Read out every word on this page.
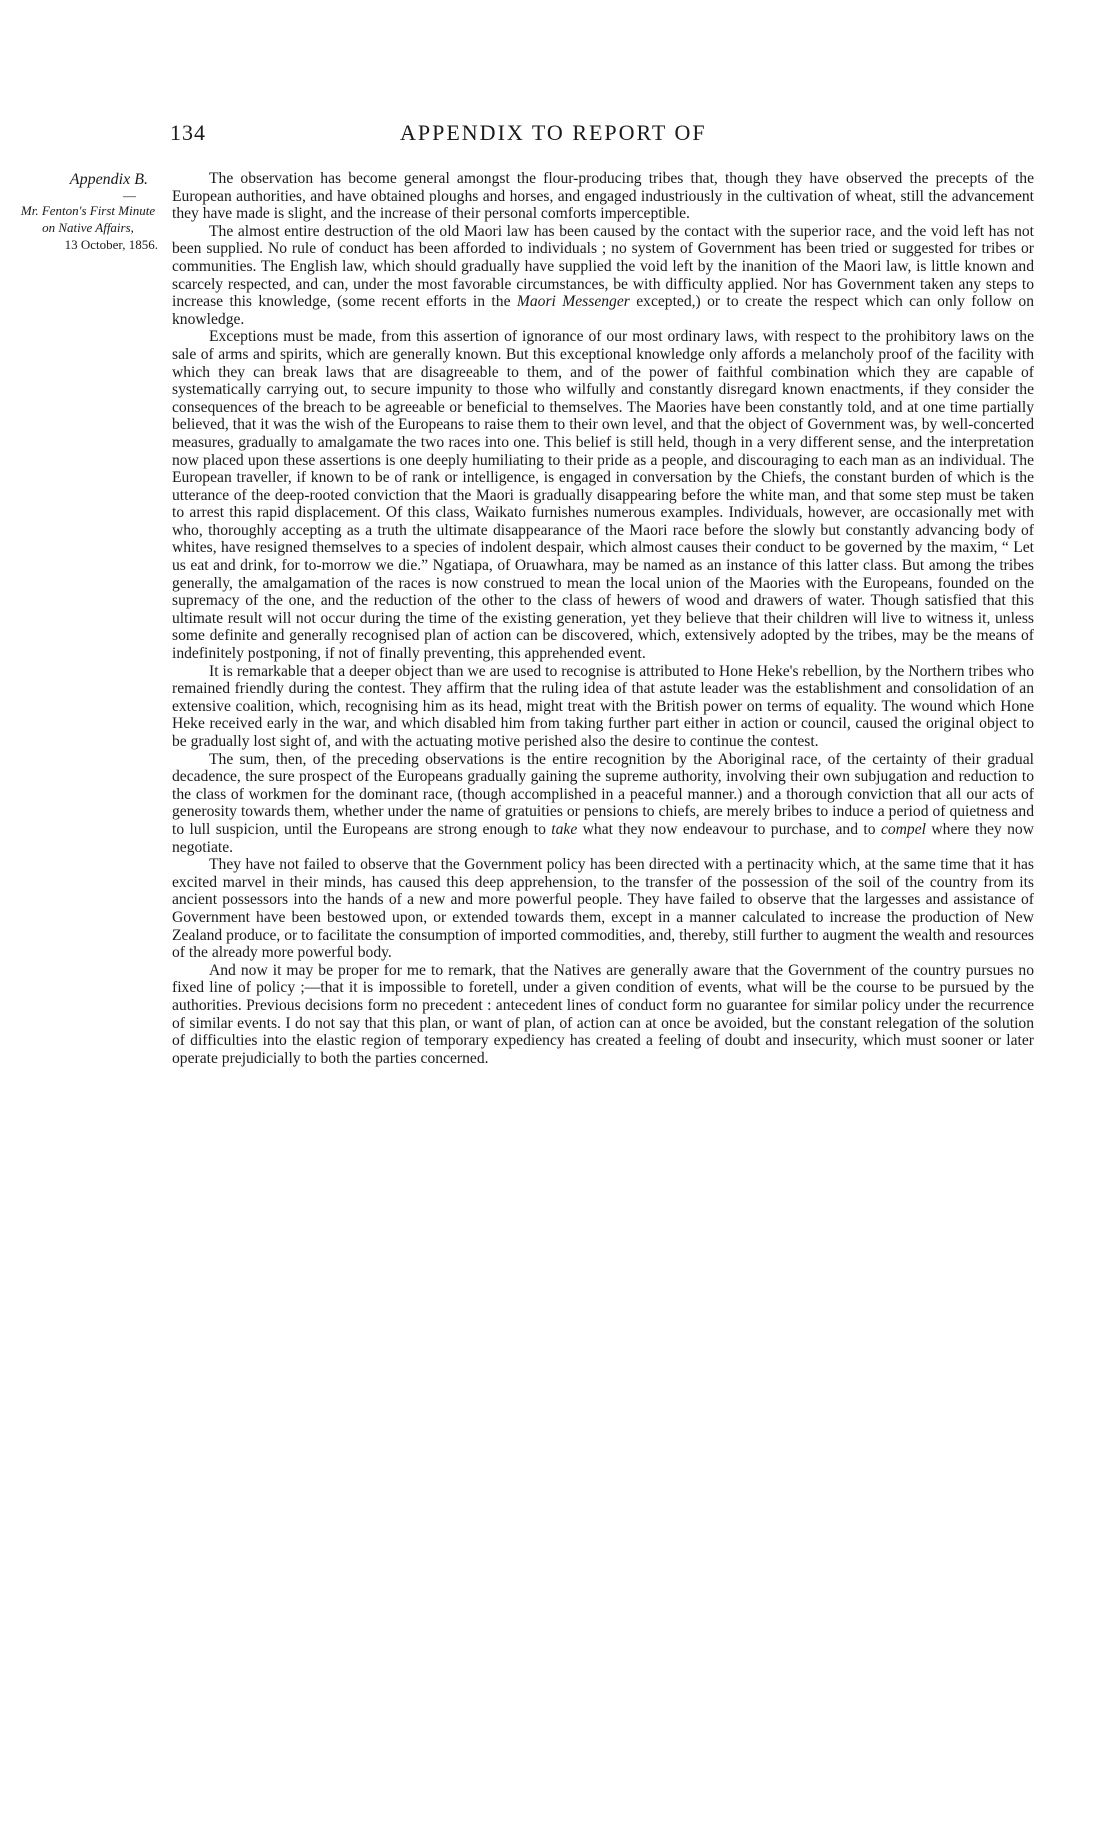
134	APPENDIX TO REPORT OF
Appendix B.
—
Mr. Fenton's First Minute on Native Affairs,
13 October, 1856.

The observation has become general amongst the flour-producing tribes that, though they have observed the precepts of the European authorities, and have obtained ploughs and horses, and engaged industriously in the cultivation of wheat, still the advancement they have made is slight, and the increase of their personal comforts imperceptible.

The almost entire destruction of the old Maori law has been caused by the contact with the superior race, and the void left has not been supplied. No rule of conduct has been afforded to individuals ; no system of Government has been tried or suggested for tribes or communities. The English law, which should gradually have supplied the void left by the inanition of the Maori law, is little known and scarcely respected, and can, under the most favorable circumstances, be with difficulty applied. Nor has Government taken any steps to increase this knowledge, (some recent efforts in the Maori Messenger excepted,) or to create the respect which can only follow on knowledge.

Exceptions must be made, from this assertion of ignorance of our most ordinary laws, with respect to the prohibitory laws on the sale of arms and spirits, which are generally known. But this exceptional knowledge only affords a melancholy proof of the facility with which they can break laws that are disagreeable to them, and of the power of faithful combination which they are capable of systematically carrying out, to secure impunity to those who wilfully and constantly disregard known enactments, if they consider the consequences of the breach to be agreeable or beneficial to themselves. The Maories have been constantly told, and at one time partially believed, that it was the wish of the Europeans to raise them to their own level, and that the object of Government was, by well-concerted measures, gradually to amalgamate the two races into one. This belief is still held, though in a very different sense, and the interpretation now placed upon these assertions is one deeply humiliating to their pride as a people, and discouraging to each man as an individual. The European traveller, if known to be of rank or intelligence, is engaged in conversation by the Chiefs, the constant burden of which is the utterance of the deep-rooted conviction that the Maori is gradually disappearing before the white man, and that some step must be taken to arrest this rapid displacement. Of this class, Waikato furnishes numerous examples. Individuals, however, are occasionally met with who, thoroughly accepting as a truth the ultimate disappearance of the Maori race before the slowly but constantly advancing body of whites, have resigned themselves to a species of indolent despair, which almost causes their conduct to be governed by the maxim, “ Let us eat and drink, for to-morrow we die.” Ngatiapa, of Oruawhara, may be named as an instance of this latter class. But among the tribes generally, the amalgamation of the races is now construed to mean the local union of the Maories with the Europeans, founded on the supremacy of the one, and the reduction of the other to the class of hewers of wood and drawers of water. Though satisfied that this ultimate result will not occur during the time of the existing generation, yet they believe that their children will live to witness it, unless some definite and generally recognised plan of action can be discovered, which, extensively adopted by the tribes, may be the means of indefinitely postponing, if not of finally preventing, this apprehended event.

It is remarkable that a deeper object than we are used to recognise is attributed to Hone Heke's rebellion, by the Northern tribes who remained friendly during the contest. They affirm that the ruling idea of that astute leader was the establishment and consolidation of an extensive coalition, which, recognising him as its head, might treat with the British power on terms of equality. The wound which Hone Heke received early in the war, and which disabled him from taking further part either in action or council, caused the original object to be gradually lost sight of, and with the actuating motive perished also the desire to continue the contest.

The sum, then, of the preceding observations is the entire recognition by the Aboriginal race, of the certainty of their gradual decadence, the sure prospect of the Europeans gradually gaining the supreme authority, involving their own subjugation and reduction to the class of workmen for the dominant race, (though accomplished in a peaceful manner.) and a thorough conviction that all our acts of generosity towards them, whether under the name of gratuities or pensions to chiefs, are merely bribes to induce a period of quietness and to lull suspicion, until the Europeans are strong enough to take what they now endeavour to purchase, and to compel where they now negotiate.

They have not failed to observe that the Government policy has been directed with a pertinacity which, at the same time that it has excited marvel in their minds, has caused this deep apprehension, to the transfer of the possession of the soil of the country from its ancient possessors into the hands of a new and more powerful people. They have failed to observe that the largesses and assistance of Government have been bestowed upon, or extended towards them, except in a manner calculated to increase the production of New Zealand produce, or to facilitate the consumption of imported commodities, and, thereby, still further to augment the wealth and resources of the already more powerful body.

And now it may be proper for me to remark, that the Natives are generally aware that the Government of the country pursues no fixed line of policy ;—that it is impossible to foretell, under a given condition of events, what will be the course to be pursued by the authorities. Previous decisions form no precedent : antecedent lines of conduct form no guarantee for similar policy under the recurrence of similar events. I do not say that this plan, or want of plan, of action can at once be avoided, but the constant relegation of the solution of difficulties into the elastic region of temporary expediency has created a feeling of doubt and insecurity, which must sooner or later operate prejudicially to both the parties concerned.
